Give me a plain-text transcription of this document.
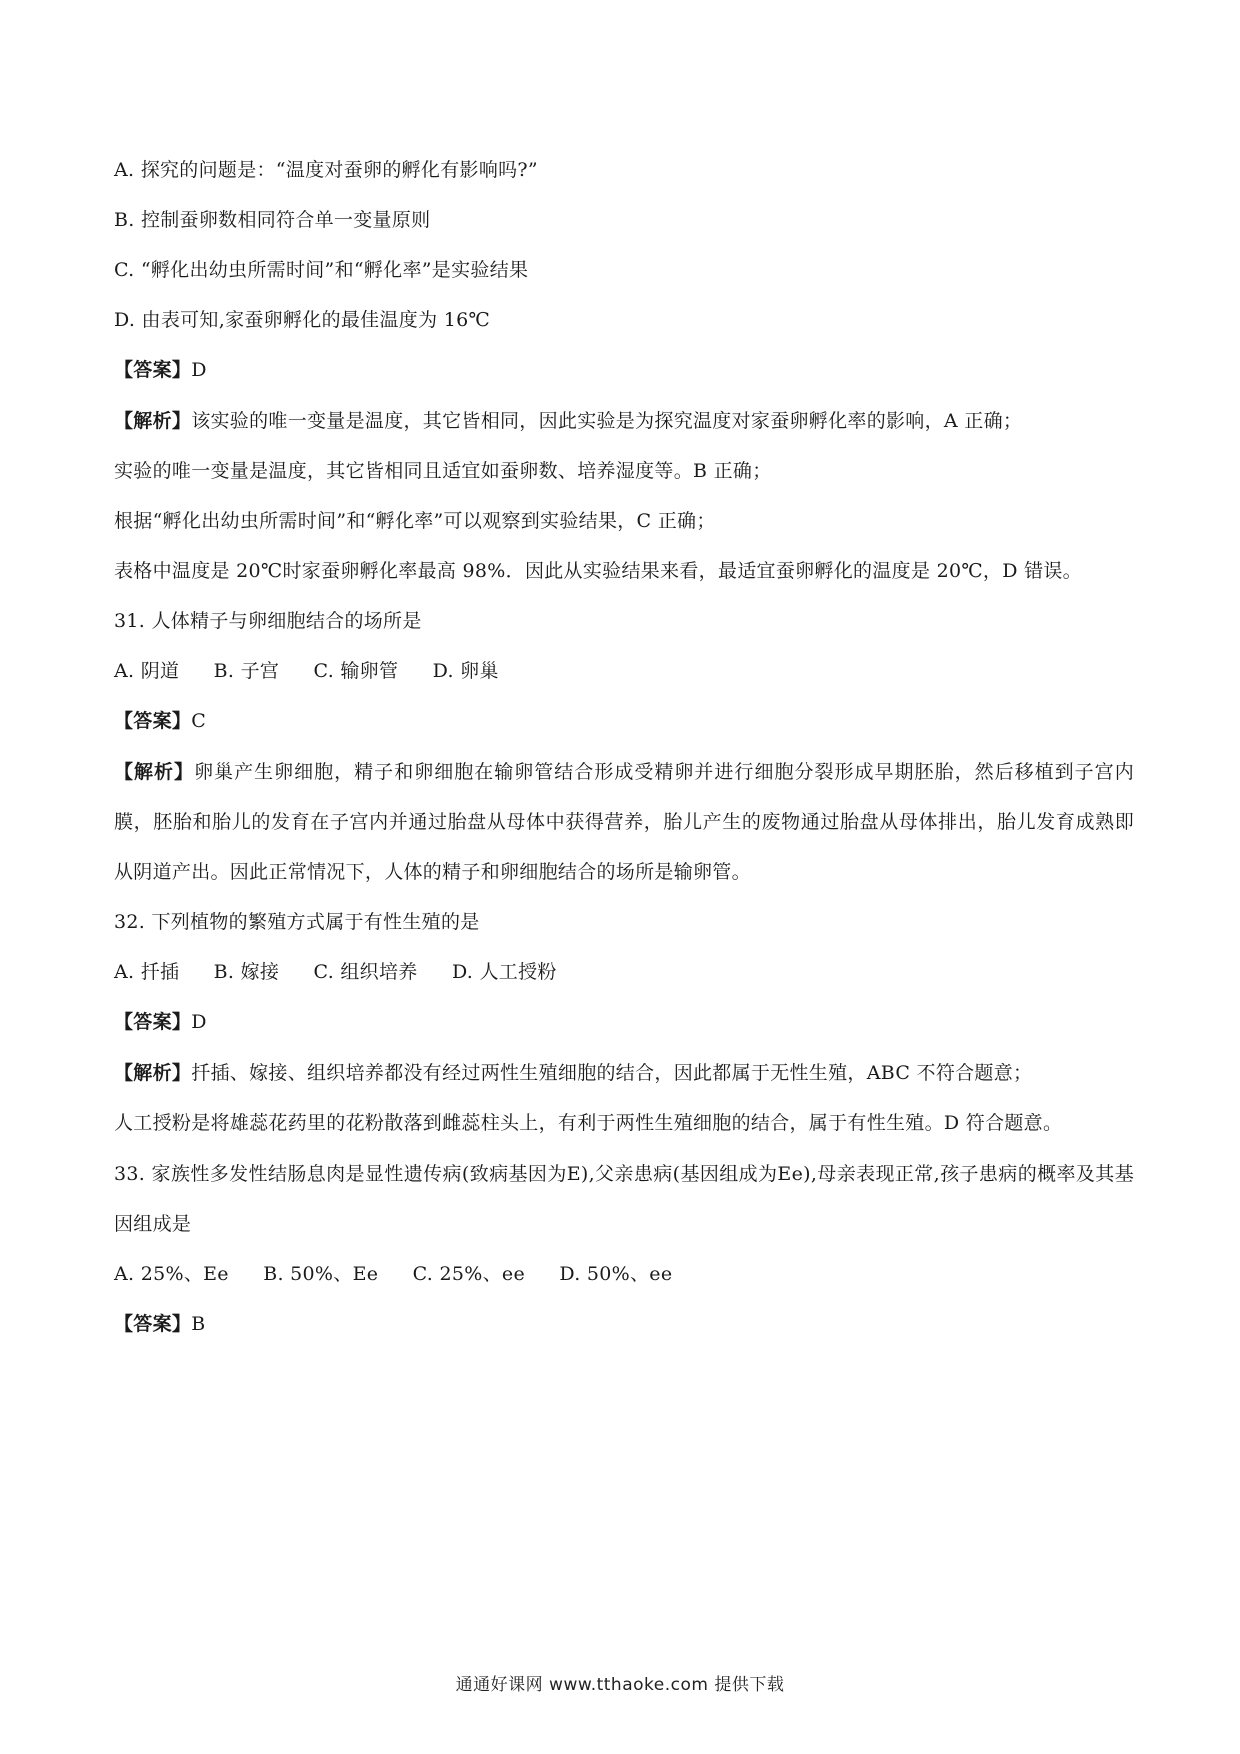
A. 探究的问题是：“温度对蚕卵的孵化有影响吗?”
B. 控制蚕卵数相同符合单一变量原则
C. “孵化出幼虫所需时间”和“孵化率”是实验结果
D. 由表可知,家蚕卵孵化的最佳温度为 16℃
【答案】D
【解析】该实验的唯一变量是温度，其它皆相同，因此实验是为探究温度对家蚕卵孵化率的影响，A 正确；
实验的唯一变量是温度，其它皆相同且适宜如蚕卵数、培养湿度等。B 正确；
根据“孵化出幼虫所需时间”和“孵化率”可以观察到实验结果，C 正确；
表格中温度是 20℃时家蚕卵孵化率最高 98%．因此从实验结果来看，最适宜蚕卵孵化的温度是 20℃，D 错误。
31. 人体精子与卵细胞结合的场所是
A. 阴道 B. 子宫 C. 输卵管 D. 卵巢
【答案】C
【解析】卵巢产生卵细胞，精子和卵细胞在输卵管结合形成受精卵并进行细胞分裂形成早期胚胎，然后移植到子宫内膜，胚胎和胎儿的发育在子宫内并通过胎盘从母体中获得营养，胎儿产生的废物通过胎盘从母体排出，胎儿发育成熟即从阴道产出。因此正常情况下，人体的精子和卵细胞结合的场所是输卵管。
32. 下列植物的繁殖方式属于有性生殖的是
A. 扦插 B. 嫁接 C. 组织培养 D. 人工授粉
【答案】D
【解析】扦插、嫁接、组织培养都没有经过两性生殖细胞的结合，因此都属于无性生殖，ABC 不符合题意；
人工授粉是将雄蕊花药里的花粉散落到雌蕊柱头上，有利于两性生殖细胞的结合，属于有性生殖。D 符合题意。
33. 家族性多发性结肠息肉是显性遗传病(致病基因为E),父亲患病(基因组成为Ee),母亲表现正常,孩子患病的概率及其基因组成是
A. 25%、Ee B. 50%、Ee C. 25%、ee D. 50%、ee
【答案】B
通通好课网 www.tthaoke.com 提供下载
